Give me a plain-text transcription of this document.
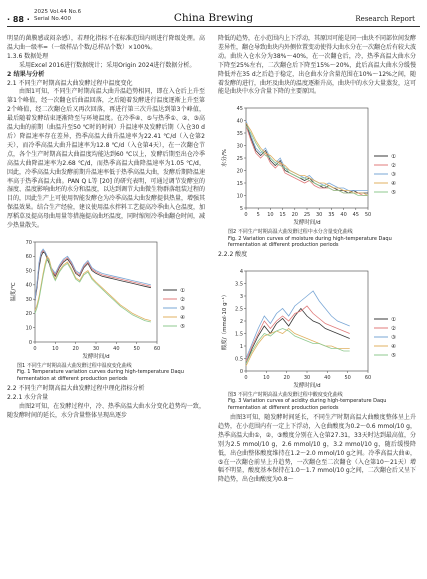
· 88 ·
2025 Vol.44 No.6
Serial No.400	China Brewing	Research Report

明显的菌膜感或闷杂感），若理化指标不在标准范围内则进行降级处理。高温大曲一级率=（一级样品个数/总样品个数）×100%。

1.3.6 数据处理

采用Excel 2016进行数据统计；采用Origin 2024进行数据分析。

2 结果与分析
2.1 不同生产时期高温大曲发酵过程中温度变化

由图1可知，不同生产时期高温大曲升温趋势相同，即在入仓后上升至第1个峰值，经一次翻仓后曲温回落，之后随着发酵进行温度逐渐上升至第2个峰值，经二次翻仓后又再次回落，再进行第三次升温达到第3个峰值，最后随着发酵结束逐渐降至与环境温度。在冷季④、⑤与热季①、②、③高温大曲的前期（曲温升至50 ℃时的时间）升温速率及发酵后期（入仓30 d后）降温速率存在差异，热季高温大曲升温速率为22.41 ℃/d（入仓第2天），而冷季高温大曲升温速率为12.8 ℃/d（入仓第4天），在一次翻仓节点，各个生产时期高温大曲温度均能达到60 ℃以上，发酵后期至出仓冷季高温大曲降温速率为2.68 ℃/d，而热季高温大曲降温速率为1.05 ℃/d，因此，冷季高温大曲发酵前期升温速率低于热季高温大曲，发酵后期降温速率高于热季高温大曲。PAN Q L等 [20] 的研究表明，可通过调节发酵室的湿度、温度影响曲坯的水分和温度，以达到调节大曲微生物群落组装过程的目的，因此生产上可使用智能发酵仓为冷季高温大曲发酵提供热量，增强其保温效果。结合生产经验，建议使用温水拌料工艺提高冷季曲入仓温度，加厚稻草及提高母曲用量等措施提高曲坯温度，同时缩短冷季曲翻仓时间，减少热量散失。

0	10	20	30	40	50	60
0
10
20
30
40
50
60
70
发酵时间/d
温度/℃	①
②
③
④
⑤
图1 不同生产时期高温大曲发酵过程中温度变化曲线
Fig. 1 Temperature variation curves during high-temperature Daqu
fermentation at different production periods
2.2 不同生产时期高温大曲发酵过程中理化指标分析
2.2.1 水分含量

由图2可知，在发酵过程中，冷、热季高温大曲水分变化趋势均一致，随发酵时间的延长，水分含量整体呈现出逐步

降低的趋势，在小范围内上下浮动，其原因可能是同一曲块不同部位间发酵差异性，翻仓导致曲块内外侧位置变动使得大曲水分在一次翻仓后有较大波动。曲块入仓水分为38%～40%，在一次翻仓后，冷，热季高温大曲水分下降至25%左右，二次翻仓后下降至15%～20%，此后高温大曲水分缓慢降低并在35 d之后趋于稳定，出仓曲水分含量范围在10%～12%之间，随着发酵的进行，曲坯及曲块的温度逐渐升高，曲块中的水分大量蒸发，这可能是曲块中水分含量下降的主要原因。

0 5 10 15 20 25 30 35 40 45 50
5
10
15
20
25
30
35
40
45
发酵时间/d
水分/%	①
②
③
④
⑤
图2 不同生产时期高温大曲发酵过程中水分含量变化曲线
Fig. 2 Variation curves of moisture during high-temperature Daqu
fermentation at different production periods
2.2.2 酸度
0	10	20	30	40	50	60
0
0.5
1
1.5
2
2.5
3
3.5
4
发酵时间/d
酸度/（mmol·10 g⁻¹）	①
②
③
④
⑤
图3 不同生产时期高温大曲发酵过程中酸度变化曲线
Fig. 3 Variation curves of acidity during high-temperature Daqu
fermentation at different production periods

由图3可知，随发酵时间延长，不同生产时期高温大曲酸度整体呈上升趋势，在小范围内有一定上下浮动，入仓曲酸度为0.2～0.6 mmol/10 g，热季高温大曲①，②，③酸度分别在入仓第27.31，33天时达到最高值，分别为2.5 mmol/10 g，2.6 mmol/10 g，3.2 mmol/10 g，随后缓慢降低，出仓曲整体酸度维持在1.2～2.0 mmol/10 g之间。冷季高温大曲④，⑤在一次翻仓前呈上升趋势，一次翻仓至二次翻仓（入仓第10～21天）增幅不明显，酸度基本保持在1.0～1.7 mmol/10 g之间，二次翻仓后又呈下降趋势，出仓曲酸度为0.8～
